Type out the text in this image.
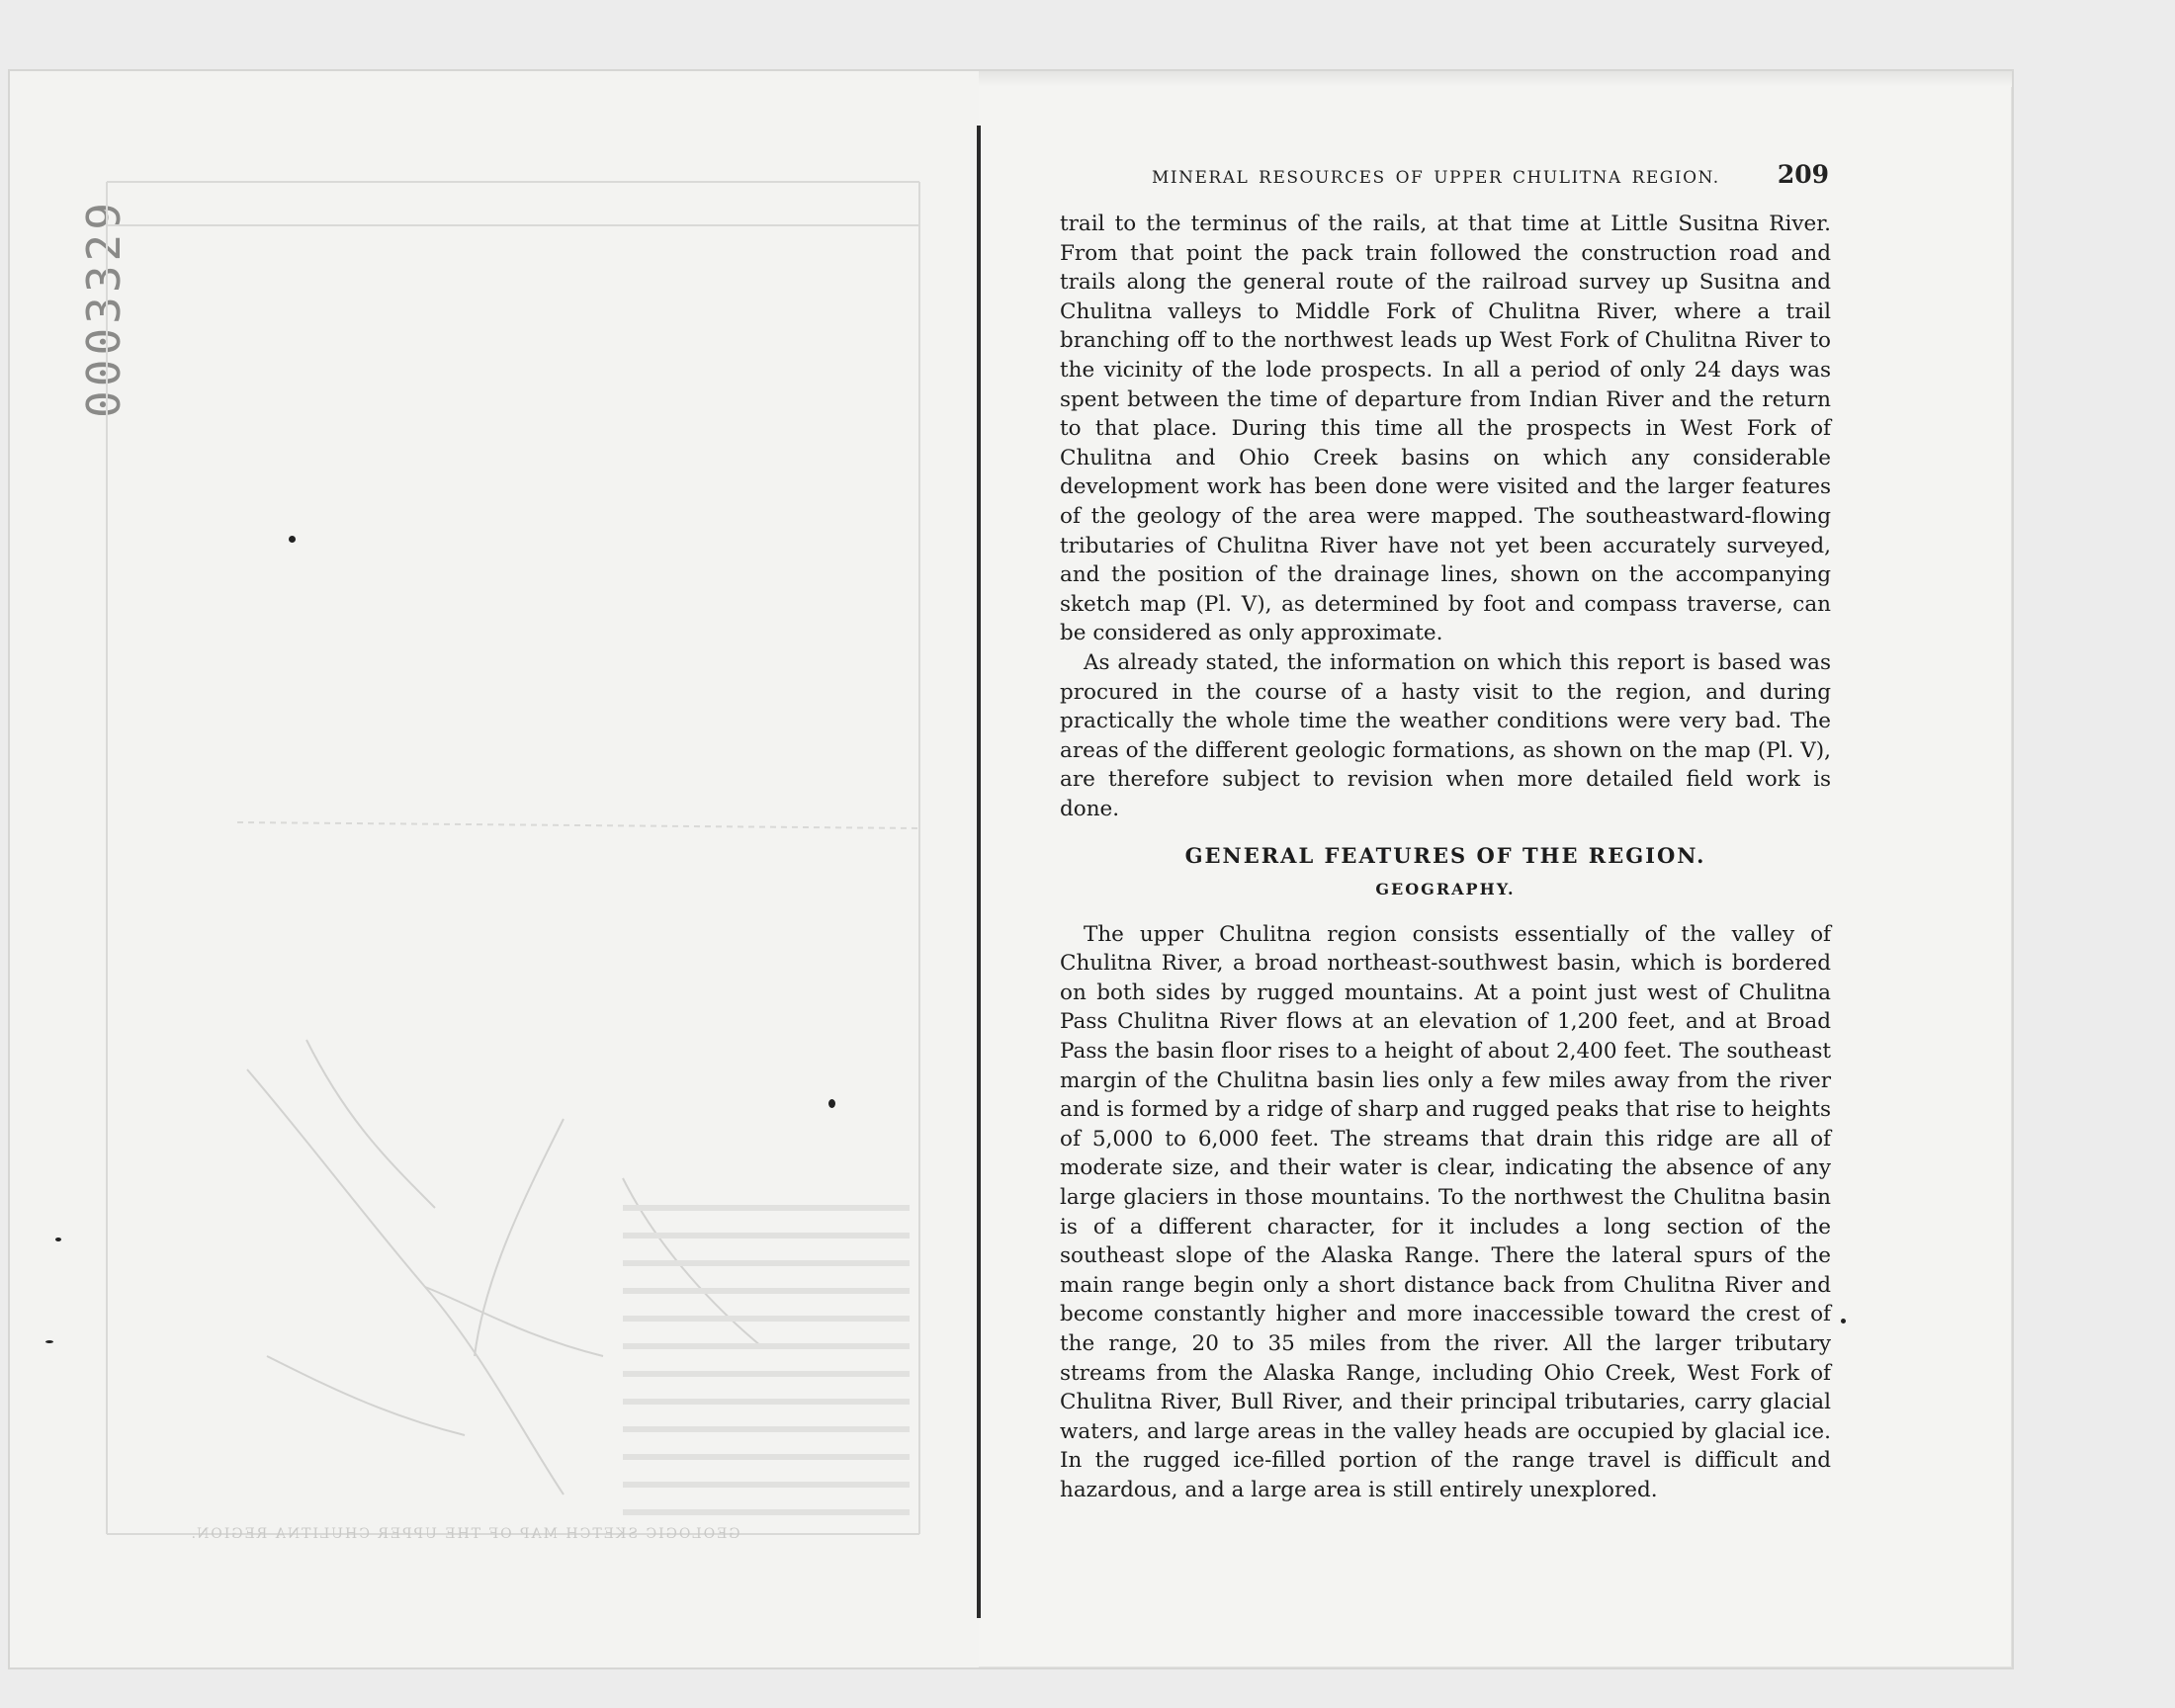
0003329
GEOLOGIC SKETCH MAP OF THE UPPER CHULITNA REGION.
MINERAL RESOURCES OF UPPER CHULITNA REGION. 209

trail to the terminus of the rails, at that time at Little Susitna River. From that point the pack train followed the construction road and trails along the general route of the railroad survey up Susitna and Chulitna valleys to Middle Fork of Chulitna River, where a trail branching off to the northwest leads up West Fork of Chulitna River to the vicinity of the lode prospects. In all a period of only 24 days was spent between the time of departure from Indian River and the return to that place. During this time all the prospects in West Fork of Chulitna and Ohio Creek basins on which any considerable development work has been done were visited and the larger features of the geology of the area were mapped. The southeastward-flowing tributaries of Chulitna River have not yet been accurately surveyed, and the position of the drainage lines, shown on the accompanying sketch map (Pl. V), as determined by foot and compass traverse, can be considered as only approximate.

As already stated, the information on which this report is based was procured in the course of a hasty visit to the region, and during practically the whole time the weather conditions were very bad. The areas of the different geologic formations, as shown on the map (Pl. V), are therefore subject to revision when more detailed field work is done.

GENERAL FEATURES OF THE REGION.
GEOGRAPHY.

The upper Chulitna region consists essentially of the valley of Chulitna River, a broad northeast-southwest basin, which is bordered on both sides by rugged mountains. At a point just west of Chulitna Pass Chulitna River flows at an elevation of 1,200 feet, and at Broad Pass the basin floor rises to a height of about 2,400 feet. The southeast margin of the Chulitna basin lies only a few miles away from the river and is formed by a ridge of sharp and rugged peaks that rise to heights of 5,000 to 6,000 feet. The streams that drain this ridge are all of moderate size, and their water is clear, indicating the absence of any large glaciers in those mountains. To the northwest the Chulitna basin is of a different character, for it includes a long section of the southeast slope of the Alaska Range. There the lateral spurs of the main range begin only a short distance back from Chulitna River and become constantly higher and more inaccessible toward the crest of the range, 20 to 35 miles from the river. All the larger tributary streams from the Alaska Range, including Ohio Creek, West Fork of Chulitna River, Bull River, and their principal tributaries, carry glacial waters, and large areas in the valley heads are occupied by glacial ice. In the rugged ice-filled portion of the range travel is difficult and hazardous, and a large area is still entirely unexplored.
